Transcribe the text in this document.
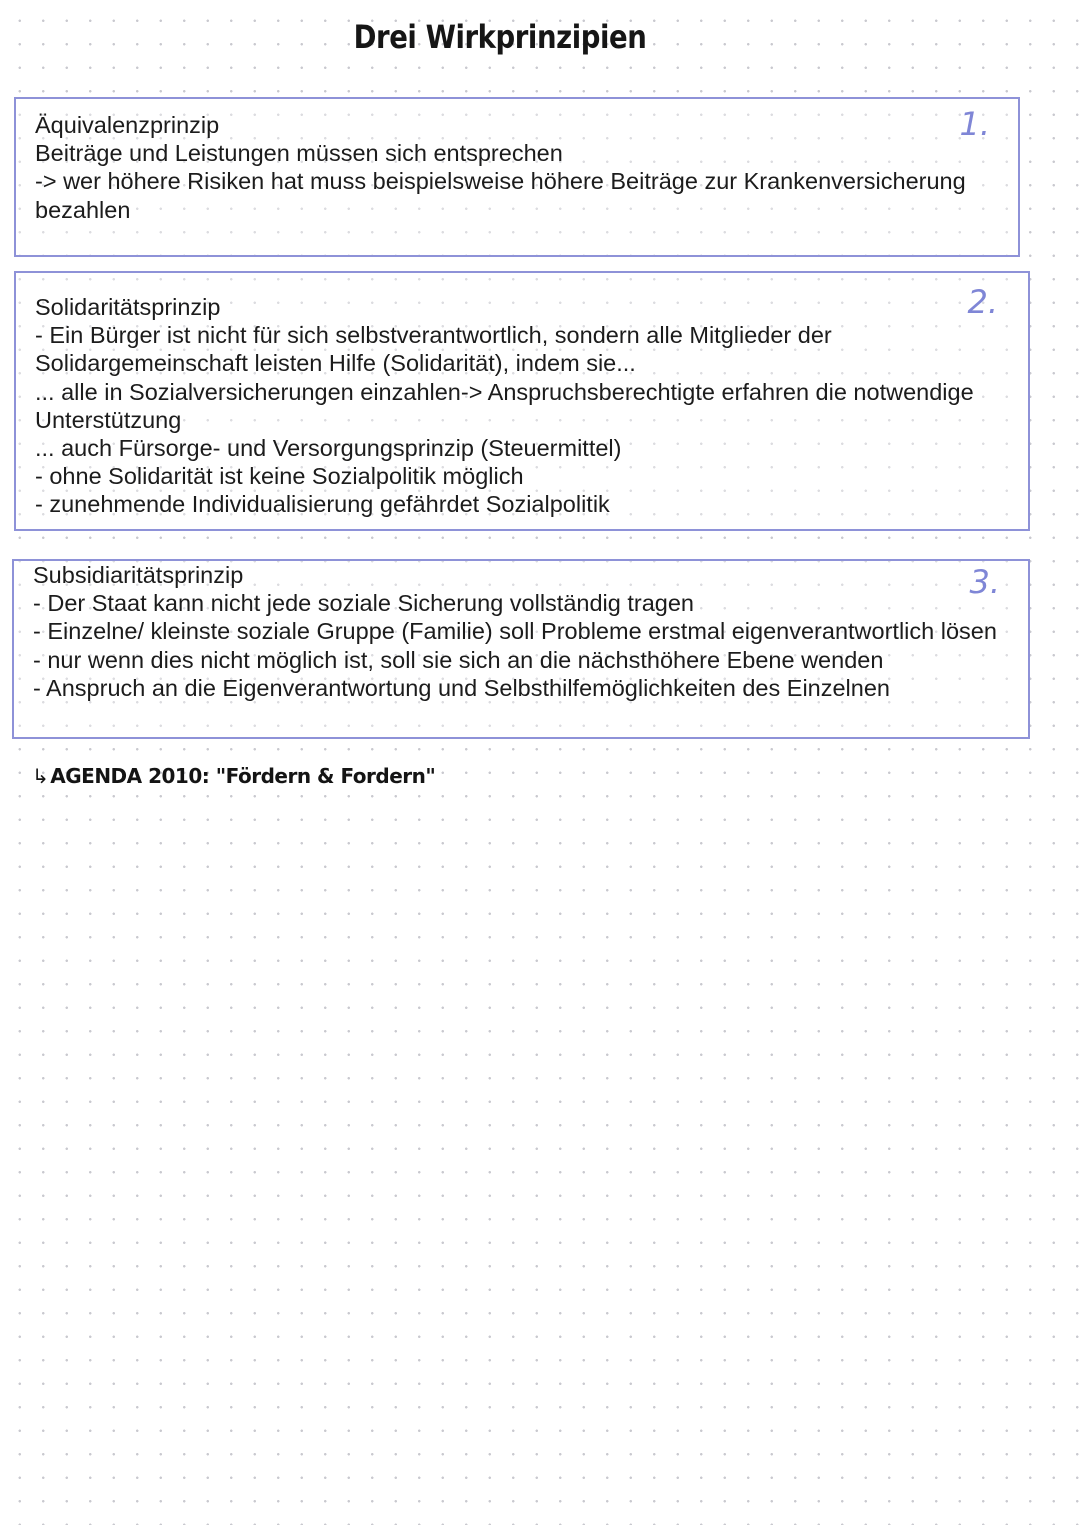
Drei Wirkprinzipien
1.
Äquivalenzprinzip
Beiträge und Leistungen müssen sich entsprechen
-> wer höhere Risiken hat muss beispielsweise höhere Beiträge zur Krankenversicherung
bezahlen
2.
Solidaritätsprinzip
- Ein Bürger ist nicht für sich selbstverantwortlich, sondern alle Mitglieder der
Solidargemeinschaft leisten Hilfe (Solidarität), indem sie...
... alle in Sozialversicherungen einzahlen-> Anspruchsberechtigte erfahren die notwendige
Unterstützung
... auch Fürsorge- und Versorgungsprinzip (Steuermittel)
- ohne Solidarität ist keine Sozialpolitik möglich
- zunehmende Individualisierung gefährdet Sozialpolitik
3.
Subsidiaritätsprinzip
- Der Staat kann nicht jede soziale Sicherung vollständig tragen
- Einzelne/ kleinste soziale Gruppe (Familie) soll Probleme erstmal eigenverantwortlich lösen
- nur wenn dies nicht möglich ist, soll sie sich an die nächsthöhere Ebene wenden
- Anspruch an die Eigenverantwortung und Selbsthilfemöglichkeiten des Einzelnen
↳ AGENDA 2010: "Fördern & Fordern"
